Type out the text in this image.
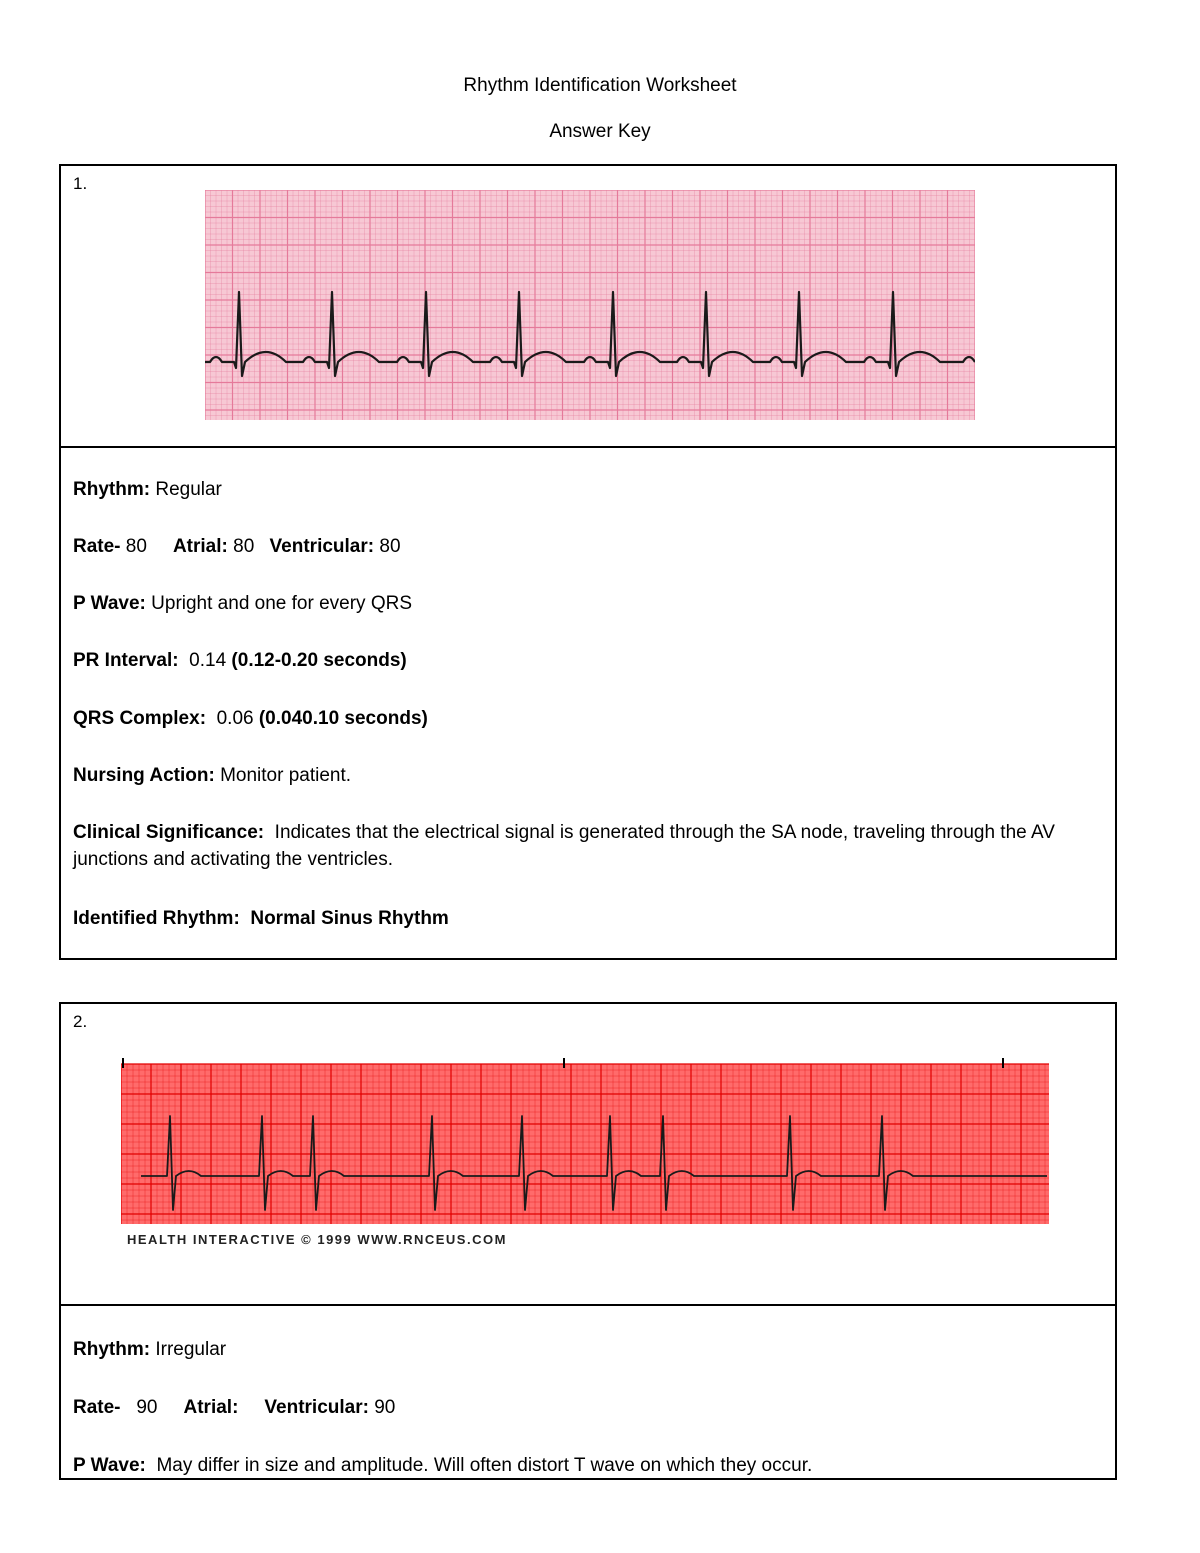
Rhythm Identification Worksheet
Answer Key
1.
Rhythm: Regular
Rate- 80 Atrial: 80 Ventricular: 80
P Wave: Upright and one for every QRS
PR Interval: 0.14 (0.12-0.20 seconds)
QRS Complex: 0.06 (0.040.10 seconds)
Nursing Action: Monitor patient.
Clinical Significance: Indicates that the electrical signal is generated through the SA node, traveling through the AV junctions and activating the ventricles.
Identified Rhythm: Normal Sinus Rhythm
2.
HEALTH INTERACTIVE © 1999 WWW.RNCEUS.COM
Rhythm: Irregular
Rate- 90 Atrial: Ventricular: 90
P Wave: May differ in size and amplitude. Will often distort T wave on which they occur.
